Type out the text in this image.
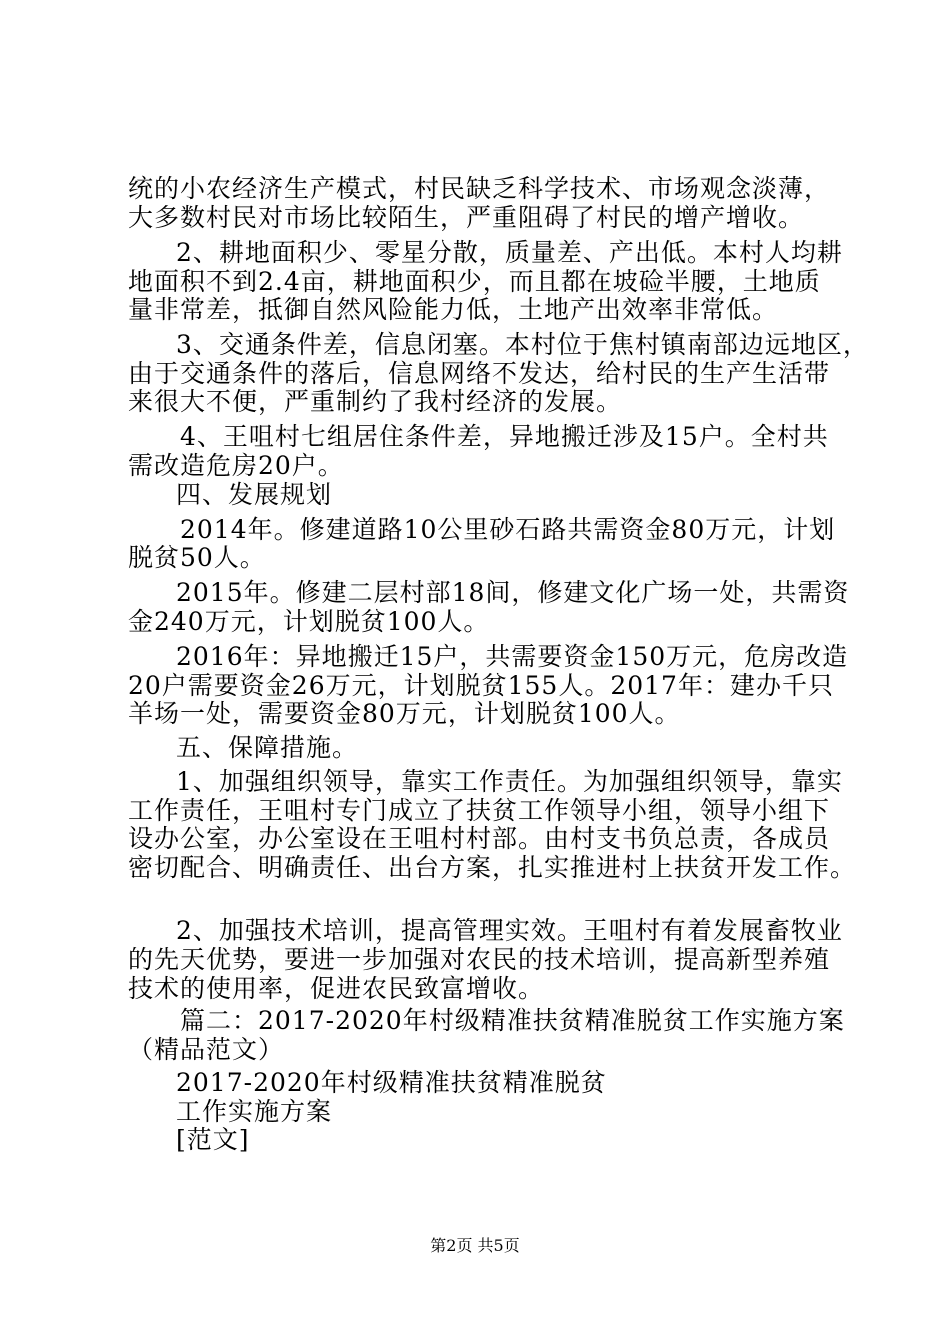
统的小农经济生产模式，村民缺乏科学技术、市场观念淡薄，
大多数村民对市场比较陌生，严重阻碍了村民的增产增收。
2、耕地面积少、零星分散，质量差、产出低。本村人均耕
地面积不到2.4亩，耕地面积少，而且都在坡硷半腰，土地质
量非常差，抵御自然风险能力低，土地产出效率非常低。
3、交通条件差，信息闭塞。本村位于焦村镇南部边远地区，
由于交通条件的落后，信息网络不发达，给村民的生产生活带
来很大不便，严重制约了我村经济的发展。
4、王咀村七组居住条件差，异地搬迁涉及15户。全村共
需改造危房20户。
四、发展规划
2014年。修建道路10公里砂石路共需资金80万元，计划
脱贫50人。
2015年。修建二层村部18间，修建文化广场一处，共需资
金240万元，计划脱贫100人。
2016年：异地搬迁15户，共需要资金150万元，危房改造
20户需要资金26万元，计划脱贫155人。2017年：建办千只
羊场一处，需要资金80万元，计划脱贫100人。
五、保障措施。
1、加强组织领导，靠实工作责任。为加强组织领导，靠实
工作责任，王咀村专门成立了扶贫工作领导小组，领导小组下
设办公室，办公室设在王咀村村部。由村支书负总责，各成员
密切配合、明确责任、出台方案，扎实推进村上扶贫开发工作。
2、加强技术培训，提高管理实效。王咀村有着发展畜牧业
的先天优势，要进一步加强对农民的技术培训，提高新型养殖
技术的使用率，促进农民致富增收。
篇二：2017-2020年村级精准扶贫精准脱贫工作实施方案
（精品范文）
2017-2020年村级精准扶贫精准脱贫
工作实施方案
[范文]
第2页 共5页
